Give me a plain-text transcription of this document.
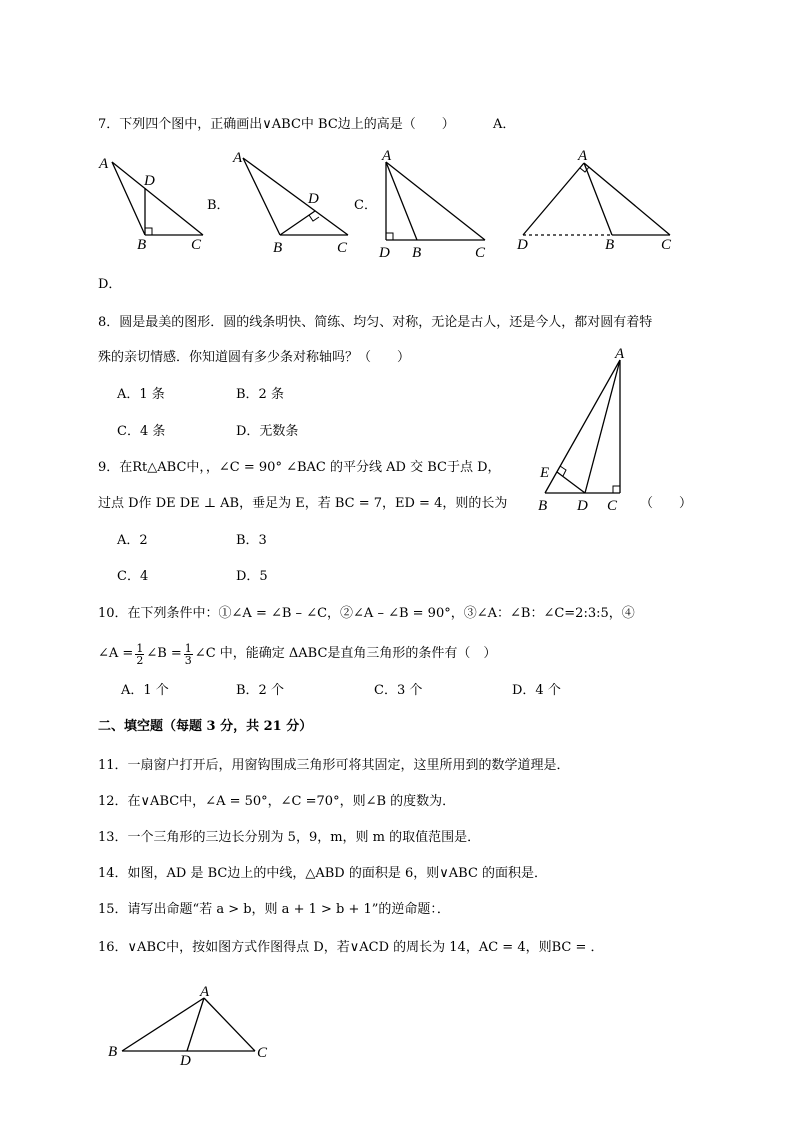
7．下列四个图中，正确画出∨ABC中 BC边上的高是（　　）	A．
A
D
B	C
B．
A
D
B	C
C．
A
D B	C
A
D	B	C
D．
8．圆是最美的图形．圆的线条明快、简练、均匀、对称，无论是古人，还是今人，都对圆有着特
殊的亲切情感．你知道圆有多少条对称轴吗？（　　）
A．1 条	B．2 条
C．4 条	D．无数条
A
E
B D C
9．在Rt△ABC中，，∠C = 90° ∠BAC 的平分线 AD 交 BC于点 D，
过点 D作 DE DE ⊥ AB，垂足为 E，若 BC = 7，ED = 4，则的长为	（　　）
A．2	B．3
C．4	D．5
10．在下列条件中：①∠A = ∠B – ∠C，②∠A – ∠B = 90°，③∠A：∠B：∠C=2:3:5，④
∠A = $\frac{1}{2}$ ∠B = $\frac{1}{3}$ ∠C 中，能确定 ΔABC是直角三角形的条件有（　）
A．1 个	B．2 个	C．3 个	D．4 个
二、填空题（每题 3 分，共 21 分）
11．一扇窗户打开后，用窗钩围成三角形可将其固定，这里所用到的数学道理是．
12．在∨ABC中，∠A = 50°，∠C =70°，则∠B 的度数为．
13．一个三角形的三边长分别为 5，9，m，则 m 的取值范围是．
14．如图，AD 是 BC边上的中线，△ABD 的面积是 6，则∨ABC 的面积是．
15．请写出命题“若 a > b，则 a + 1 > b + 1”的逆命题：．
16．∨ABC中，按如图方式作图得点 D，若∨ACD 的周长为 14，AC = 4，则BC = ．
A
B
D	C
